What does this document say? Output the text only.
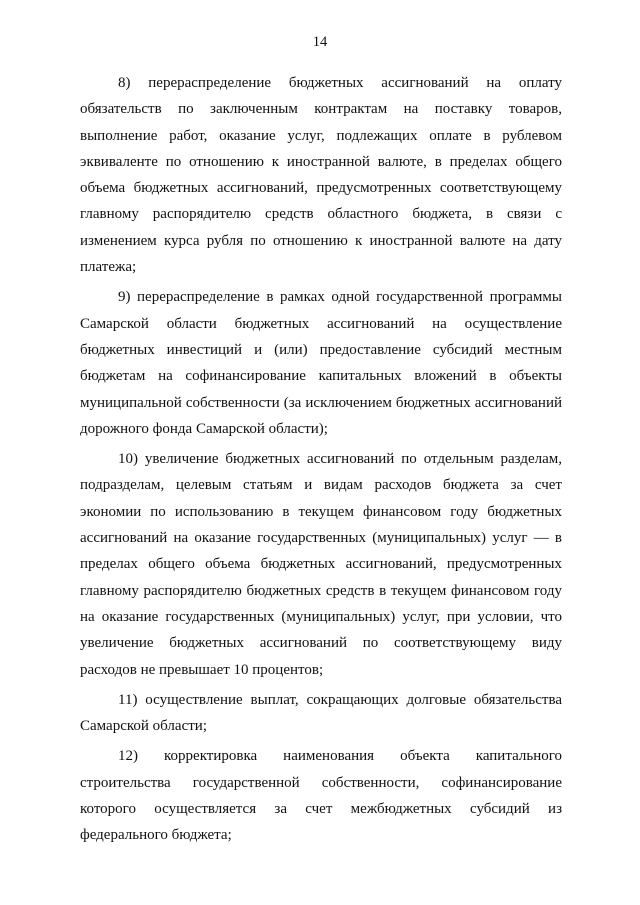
14

8) перераспределение бюджетных ассигнований на оплату обязательств по заключенным контрактам на поставку товаров, выполнение работ, оказание услуг, подлежащих оплате в рублевом эквиваленте по отношению к иностранной валюте, в пределах общего объема бюджетных ассигнований, предусмотренных соответствующему главному распорядителю средств областного бюджета, в связи с изменением курса рубля по отношению к иностранной валюте на дату платежа;

9) перераспределение в рамках одной государственной программы Самарской области бюджетных ассигнований на осуществление бюджетных инвестиций и (или) предоставление субсидий местным бюджетам на софинансирование капитальных вложений в объекты муниципальной собственности (за исключением бюджетных ассигнований дорожного фонда Самарской области);

10) увеличение бюджетных ассигнований по отдельным разделам, подразделам, целевым статьям и видам расходов бюджета за счет экономии по использованию в текущем финансовом году бюджетных ассигнований на оказание государственных (муниципальных) услуг — в пределах общего объема бюджетных ассигнований, предусмотренных главному распорядителю бюджетных средств в текущем финансовом году на оказание государственных (муниципальных) услуг, при условии, что увеличение бюджетных ассигнований по соответствующему виду расходов не превышает 10 процентов;

11) осуществление выплат, сокращающих долговые обязательства Самарской области;

12) корректировка наименования объекта капитального строительства государственной собственности, софинансирование которого осуществляется за счет межбюджетных субсидий из федерального бюджета;
